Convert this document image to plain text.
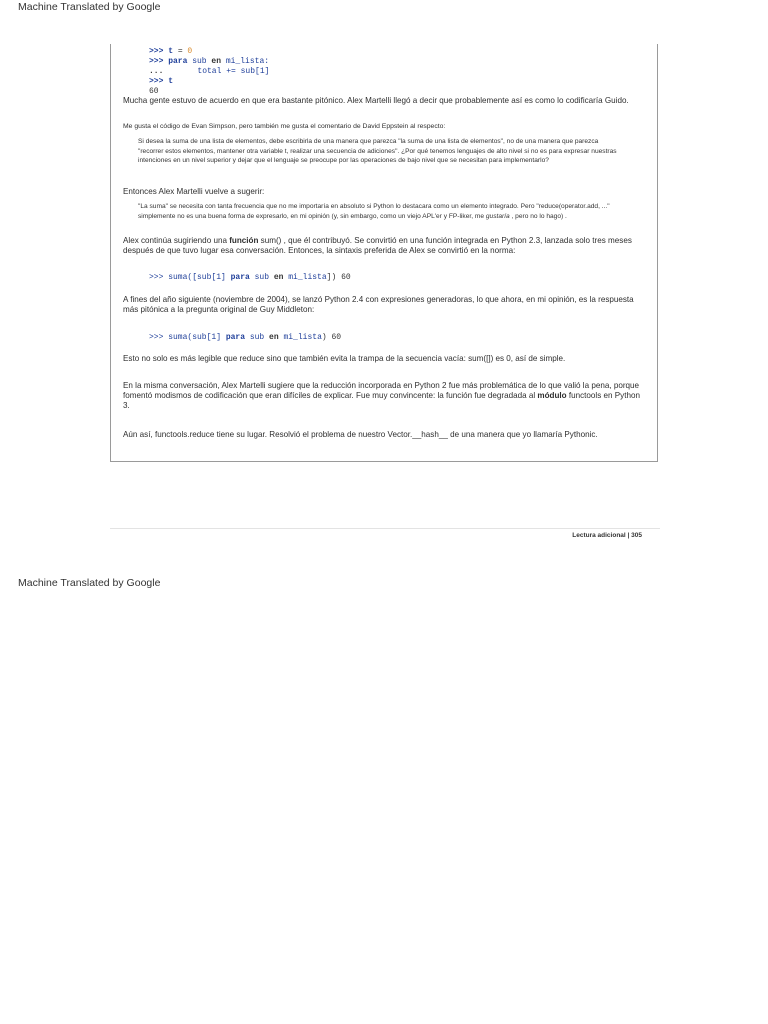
Machine Translated by Google
>>> t = 0
>>> para sub en mi_lista:
...	total += sub[1]
>>> t
60

Mucha gente estuvo de acuerdo en que era bastante pitónico. Alex Martelli llegó a decir que probablemente así es como lo codificaría Guido.

Me gusta el código de Evan Simpson, pero también me gusta el comentario de David Eppstein al respecto:

Si desea la suma de una lista de elementos, debe escribirla de una manera que parezca "la suma de una lista de elementos", no de una manera que parezca "recorrer estos elementos, mantener otra variable t, realizar una secuencia de adiciones". ¿Por qué tenemos lenguajes de alto nivel si no es para expresar nuestras intenciones en un nivel superior y dejar que el lenguaje se preocupe por las operaciones de bajo nivel que se necesitan para implementarlo?

Entonces Alex Martelli vuelve a sugerir:

"La suma" se necesita con tanta frecuencia que no me importaría en absoluto si Python lo destacara como un elemento integrado. Pero "reduce(operator.add, ..." simplemente no es una buena forma de expresarlo, en mi opinión (y, sin embargo, como un viejo APL'er y FP-liker, me gustaría , pero no lo hago) .

Alex continúa sugiriendo una función sum() , que él contribuyó. Se convirtió en una función integrada en Python 2.3, lanzada solo tres meses después de que tuvo lugar esa conversación. Entonces, la sintaxis preferida de Alex se convirtió en la norma:

>>> suma([sub[1] para sub en mi_lista]) 60

A fines del año siguiente (noviembre de 2004), se lanzó Python 2.4 con expresiones generadoras, lo que ahora, en mi opinión, es la respuesta más pitónica a la pregunta original de Guy Middleton:

>>> suma(sub[1] para sub en mi_lista) 60

Esto no solo es más legible que reduce sino que también evita la trampa de la secuencia vacía: sum([]) es 0, así de simple.

En la misma conversación, Alex Martelli sugiere que la reducción incorporada en Python 2 fue más problemática de lo que valió la pena, porque fomentó modismos de codificación que eran difíciles de explicar. Fue muy convincente: la función fue degradada al módulo functools en Python 3.

Aún así, functools.reduce tiene su lugar. Resolvió el problema de nuestro Vector.__hash__ de una manera que yo llamaría Pythonic.

Lectura adicional | 305
Machine Translated by Google
